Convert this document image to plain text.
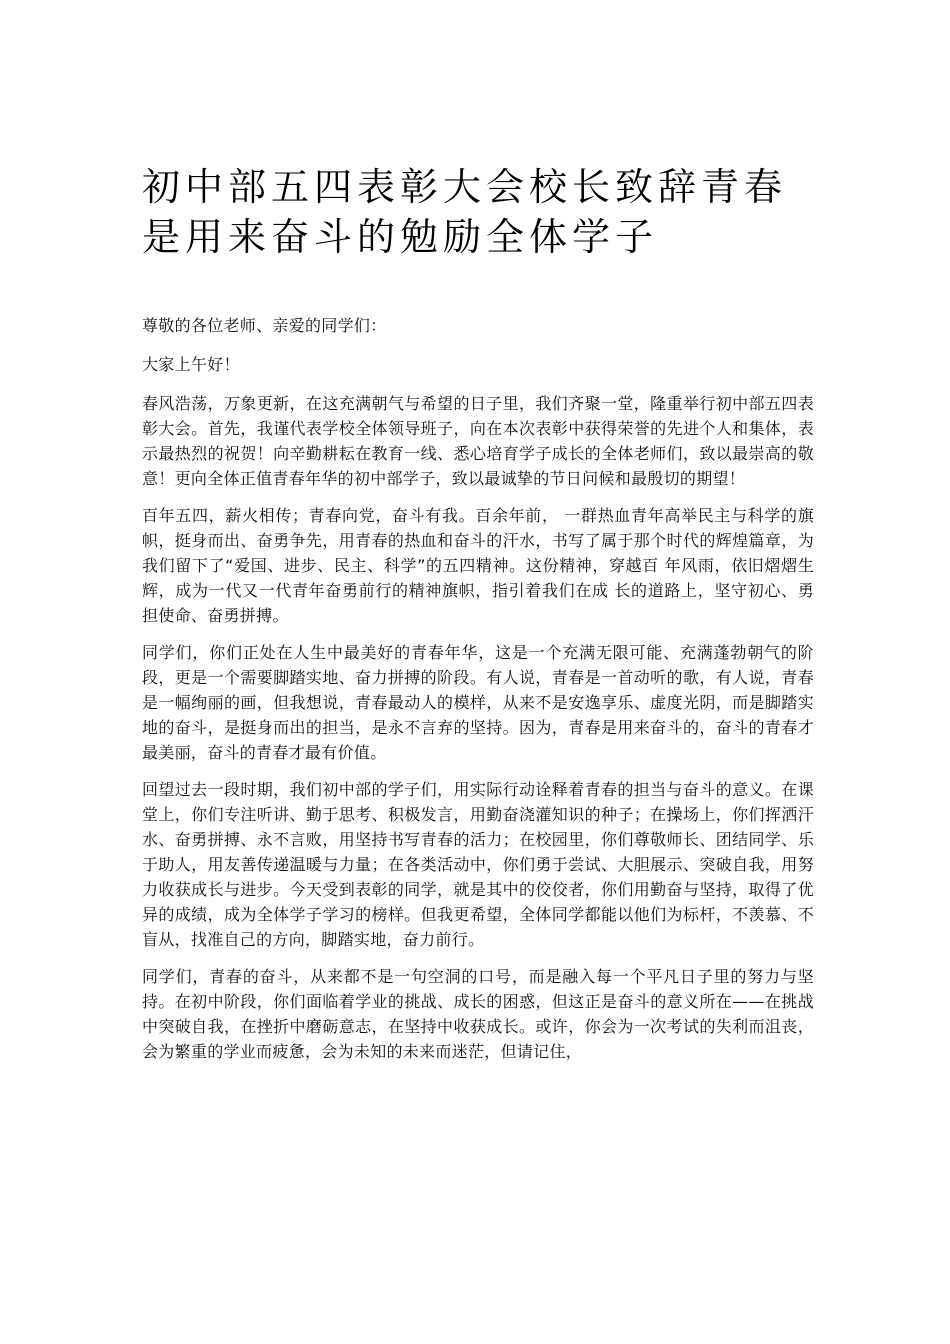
初中部五四表彰大会校长致辞青春是用来奋斗的勉励全体学子

尊敬的各位老师、亲爱的同学们：

大家上午好！

春风浩荡，万象更新，在这充满朝气与希望的日子里，我们齐聚一堂，隆重举行初中部五四表彰大会。首先，我谨代表学校全体领导班子，向在本次表彰中获得荣誉的先进个人和集体，表示最热烈的祝贺！向辛勤耕耘在教育一线、悉心培育学子成长的全体老师们，致以最崇高的敬意！更向全体正值青春年华的初中部学子，致以最诚挚的节日问候和最殷切的期望！

百年五四，薪火相传；青春向党，奋斗有我。百余年前， 一群热血青年高举民主与科学的旗帜，挺身而出、奋勇争先，用青春的热血和奋斗的汗水，书写了属于那个时代的辉煌篇章，为我们留下了“爱国、进步、民主、科学”的五四精神。这份精神，穿越百 年风雨，依旧熠熠生辉，成为一代又一代青年奋勇前行的精神旗帜，指引着我们在成 长的道路上，坚守初心、勇担使命、奋勇拼搏。

同学们，你们正处在人生中最美好的青春年华，这是一个充满无限可能、充满蓬勃朝气的阶段，更是一个需要脚踏实地、奋力拼搏的阶段。有人说，青春是一首动听的歌，有人说，青春是一幅绚丽的画，但我想说，青春最动人的模样，从来不是安逸享乐、虚度光阴，而是脚踏实地的奋斗，是挺身而出的担当，是永不言弃的坚持。因为，青春是用来奋斗的，奋斗的青春才最美丽，奋斗的青春才最有价值。

回望过去一段时期，我们初中部的学子们，用实际行动诠释着青春的担当与奋斗的意义。在课堂上，你们专注听讲、勤于思考、积极发言，用勤奋浇灌知识的种子；在操场上，你们挥洒汗水、奋勇拼搏、永不言败，用坚持书写青春的活力；在校园里，你们尊敬师长、团结同学、乐于助人，用友善传递温暖与力量；在各类活动中，你们勇于尝试、大胆展示、突破自我，用努力收获成长与进步。今天受到表彰的同学，就是其中的佼佼者，你们用勤奋与坚持，取得了优异的成绩，成为全体学子学习的榜样。但我更希望，全体同学都能以他们为标杆，不羡慕、不盲从，找准自己的方向，脚踏实地，奋力前行。

同学们，青春的奋斗，从来都不是一句空洞的口号，而是融入每一个平凡日子里的努力与坚持。在初中阶段，你们面临着学业的挑战、成长的困惑，但这正是奋斗的意义所在——在挑战中突破自我，在挫折中磨砺意志，在坚持中收获成长。或许，你会为一次考试的失利而沮丧，会为繁重的学业而疲惫，会为未知的未来而迷茫，但请记住，
